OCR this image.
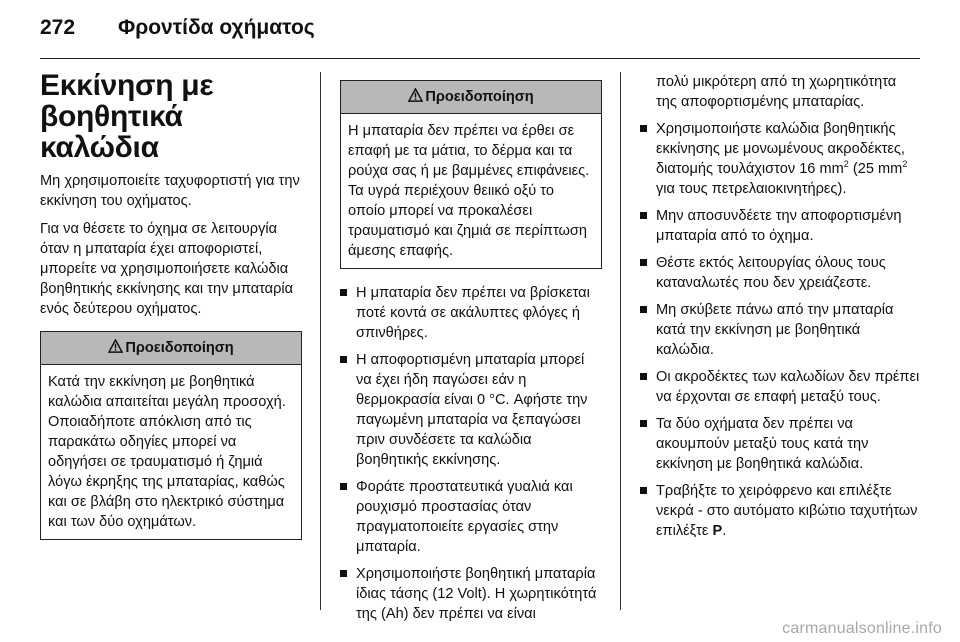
272 Φροντίδα οχήματος
Εκκίνηση με βοηθητικά καλώδια

Μη χρησιμοποιείτε ταχυφορτιστή για την εκκίνηση του οχήματος.

Για να θέσετε το όχημα σε λειτουργία όταν η μπαταρία έχει αποφοριστεί, μπορείτε να χρησιμοποιήσετε καλώδια βοηθητικής εκκίνησης και την μπαταρία ενός δεύτερου οχήματος.

Προειδοποίηση
Κατά την εκκίνηση με βοηθητικά καλώδια απαιτείται μεγάλη προσοχή. Οποιαδήποτε απόκλιση από τις παρακάτω οδηγίες μπορεί να οδηγήσει σε τραυματισμό ή ζημιά λόγω έκρηξης της μπαταρίας, καθώς και σε βλάβη στο ηλεκτρικό σύστημα και των δύο οχημάτων.
Προειδοποίηση
Η μπαταρία δεν πρέπει να έρθει σε επαφή με τα μάτια, το δέρμα και τα ρούχα σας ή με βαμμένες επιφάνειες. Τα υγρά περιέχουν θειικό οξύ το οποίο μπορεί να προκαλέσει τραυματισμό και ζημιά σε περίπτωση άμεσης επαφής.
Η μπαταρία δεν πρέπει να βρίσκεται ποτέ κοντά σε ακάλυπτες φλόγες ή σπινθήρες.
Η αποφορτισμένη μπαταρία μπορεί να έχει ήδη παγώσει εάν η θερμοκρασία είναι 0 °C. Αφήστε την παγωμένη μπαταρία να ξεπαγώσει πριν συνδέσετε τα καλώδια βοηθητικής εκκίνησης.
Φοράτε προστατευτικά γυαλιά και ρουχισμό προστασίας όταν πραγματοποιείτε εργασίες στην μπαταρία.
Χρησιμοποιήστε βοηθητική μπαταρία ίδιας τάσης (12 Volt). Η χωρητικότητά της (Ah) δεν πρέπει να είναι
πολύ μικρότερη από τη χωρητικότητα της αποφορτισμένης μπαταρίας.
Χρησιμοποιήστε καλώδια βοηθητικής εκκίνησης με μονωμένους ακροδέκτες, διατομής τουλάχιστον 16 $mm^2$ (25 $mm^2$ για τους πετρελαιοκινητήρες).
Μην αποσυνδέετε την αποφορτισμένη μπαταρία από το όχημα.
Θέστε εκτός λειτουργίας όλους τους καταναλωτές που δεν χρειάζεστε.
Μη σκύβετε πάνω από την μπαταρία κατά την εκκίνηση με βοηθητικά καλώδια.
Οι ακροδέκτες των καλωδίων δεν πρέπει να έρχονται σε επαφή μεταξύ τους.
Τα δύο οχήματα δεν πρέπει να ακουμπούν μεταξύ τους κατά την εκκίνηση με βοηθητικά καλώδια.
Τραβήξτε το χειρόφρενο και επιλέξτε νεκρά - στο αυτόματο κιβώτιο ταχυτήτων επιλέξτε P.
carmanualsonline.info
